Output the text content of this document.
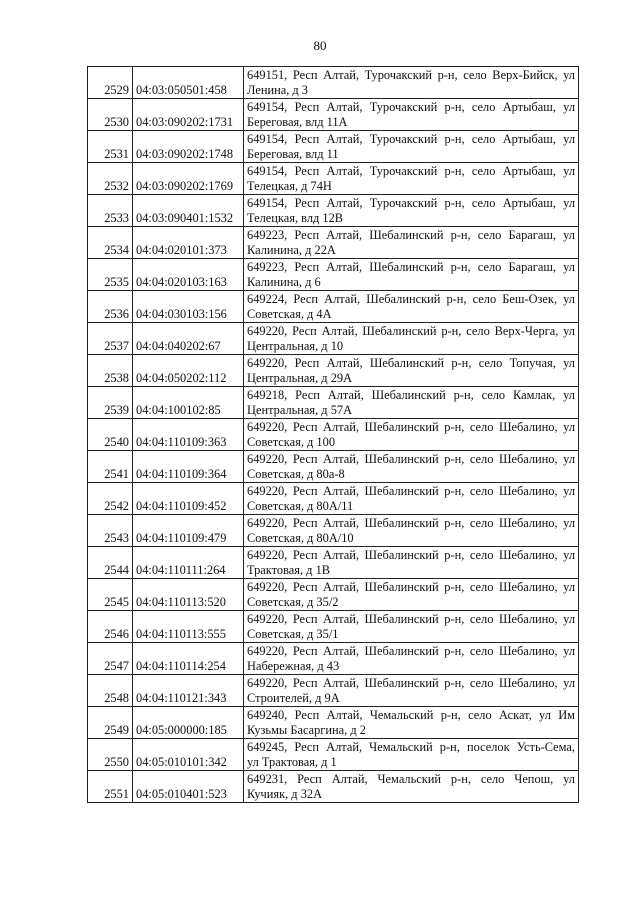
80
2529	04:03:050501:458	649151, Респ Алтай, Турочакский р-н, село Верх-Бийск, ул
Ленина, д 3

2530	04:03:090202:1731	649154, Респ Алтай, Турочакский р-н, село Артыбаш, ул
Береговая, влд 11А

2531	04:03:090202:1748	649154, Респ Алтай, Турочакский р-н, село Артыбаш, ул
Береговая, влд 11

2532	04:03:090202:1769	649154, Респ Алтай, Турочакский р-н, село Артыбаш, ул
Телецкая, д 74Н

2533	04:03:090401:1532	649154, Респ Алтай, Турочакский р-н, село Артыбаш, ул
Телецкая, влд 12В

2534	04:04:020101:373	649223, Респ Алтай, Шебалинский р-н, село Барагаш, ул
Калинина, д 22А

2535	04:04:020103:163	649223, Респ Алтай, Шебалинский р-н, село Барагаш, ул
Калинина, д 6

2536	04:04:030103:156	649224, Респ Алтай, Шебалинский р-н, село Беш-Озек, ул
Советская, д 4А

2537	04:04:040202:67	649220, Респ Алтай, Шебалинский р-н, село Верх-Черга, ул
Центральная, д 10

2538	04:04:050202:112	649220, Респ Алтай, Шебалинский р-н, село Топучая, ул
Центральная, д 29А

2539	04:04:100102:85	649218, Респ Алтай, Шебалинский р-н, село Камлак, ул
Центральная, д 57А

2540	04:04:110109:363	649220, Респ Алтай, Шебалинский р-н, село Шебалино, ул
Советская, д 100

2541	04:04:110109:364	649220, Респ Алтай, Шебалинский р-н, село Шебалино, ул
Советская, д 80а-8

2542	04:04:110109:452	649220, Респ Алтай, Шебалинский р-н, село Шебалино, ул
Советская, д 80А/11

2543	04:04:110109:479	649220, Респ Алтай, Шебалинский р-н, село Шебалино, ул
Советская, д 80А/10

2544	04:04:110111:264	649220, Респ Алтай, Шебалинский р-н, село Шебалино, ул
Трактовая, д 1В

2545	04:04:110113:520	649220, Респ Алтай, Шебалинский р-н, село Шебалино, ул
Советская, д 35/2

2546	04:04:110113:555	649220, Респ Алтай, Шебалинский р-н, село Шебалино, ул
Советская, д 35/1

2547	04:04:110114:254	649220, Респ Алтай, Шебалинский р-н, село Шебалино, ул
Набережная, д 43

2548	04:04:110121:343	649220, Респ Алтай, Шебалинский р-н, село Шебалино, ул
Строителей, д 9А

2549	04:05:000000:185	649240, Респ Алтай, Чемальский р-н, село Аскат, ул Им
Кузьмы Басаргина, д 2

2550	04:05:010101:342	649245, Респ Алтай, Чемальский р-н, поселок Усть-Сема,
ул Трактовая, д 1

2551	04:05:010401:523	649231, Респ Алтай, Чемальский р-н, село Чепош, ул
Кучияк, д 32А
